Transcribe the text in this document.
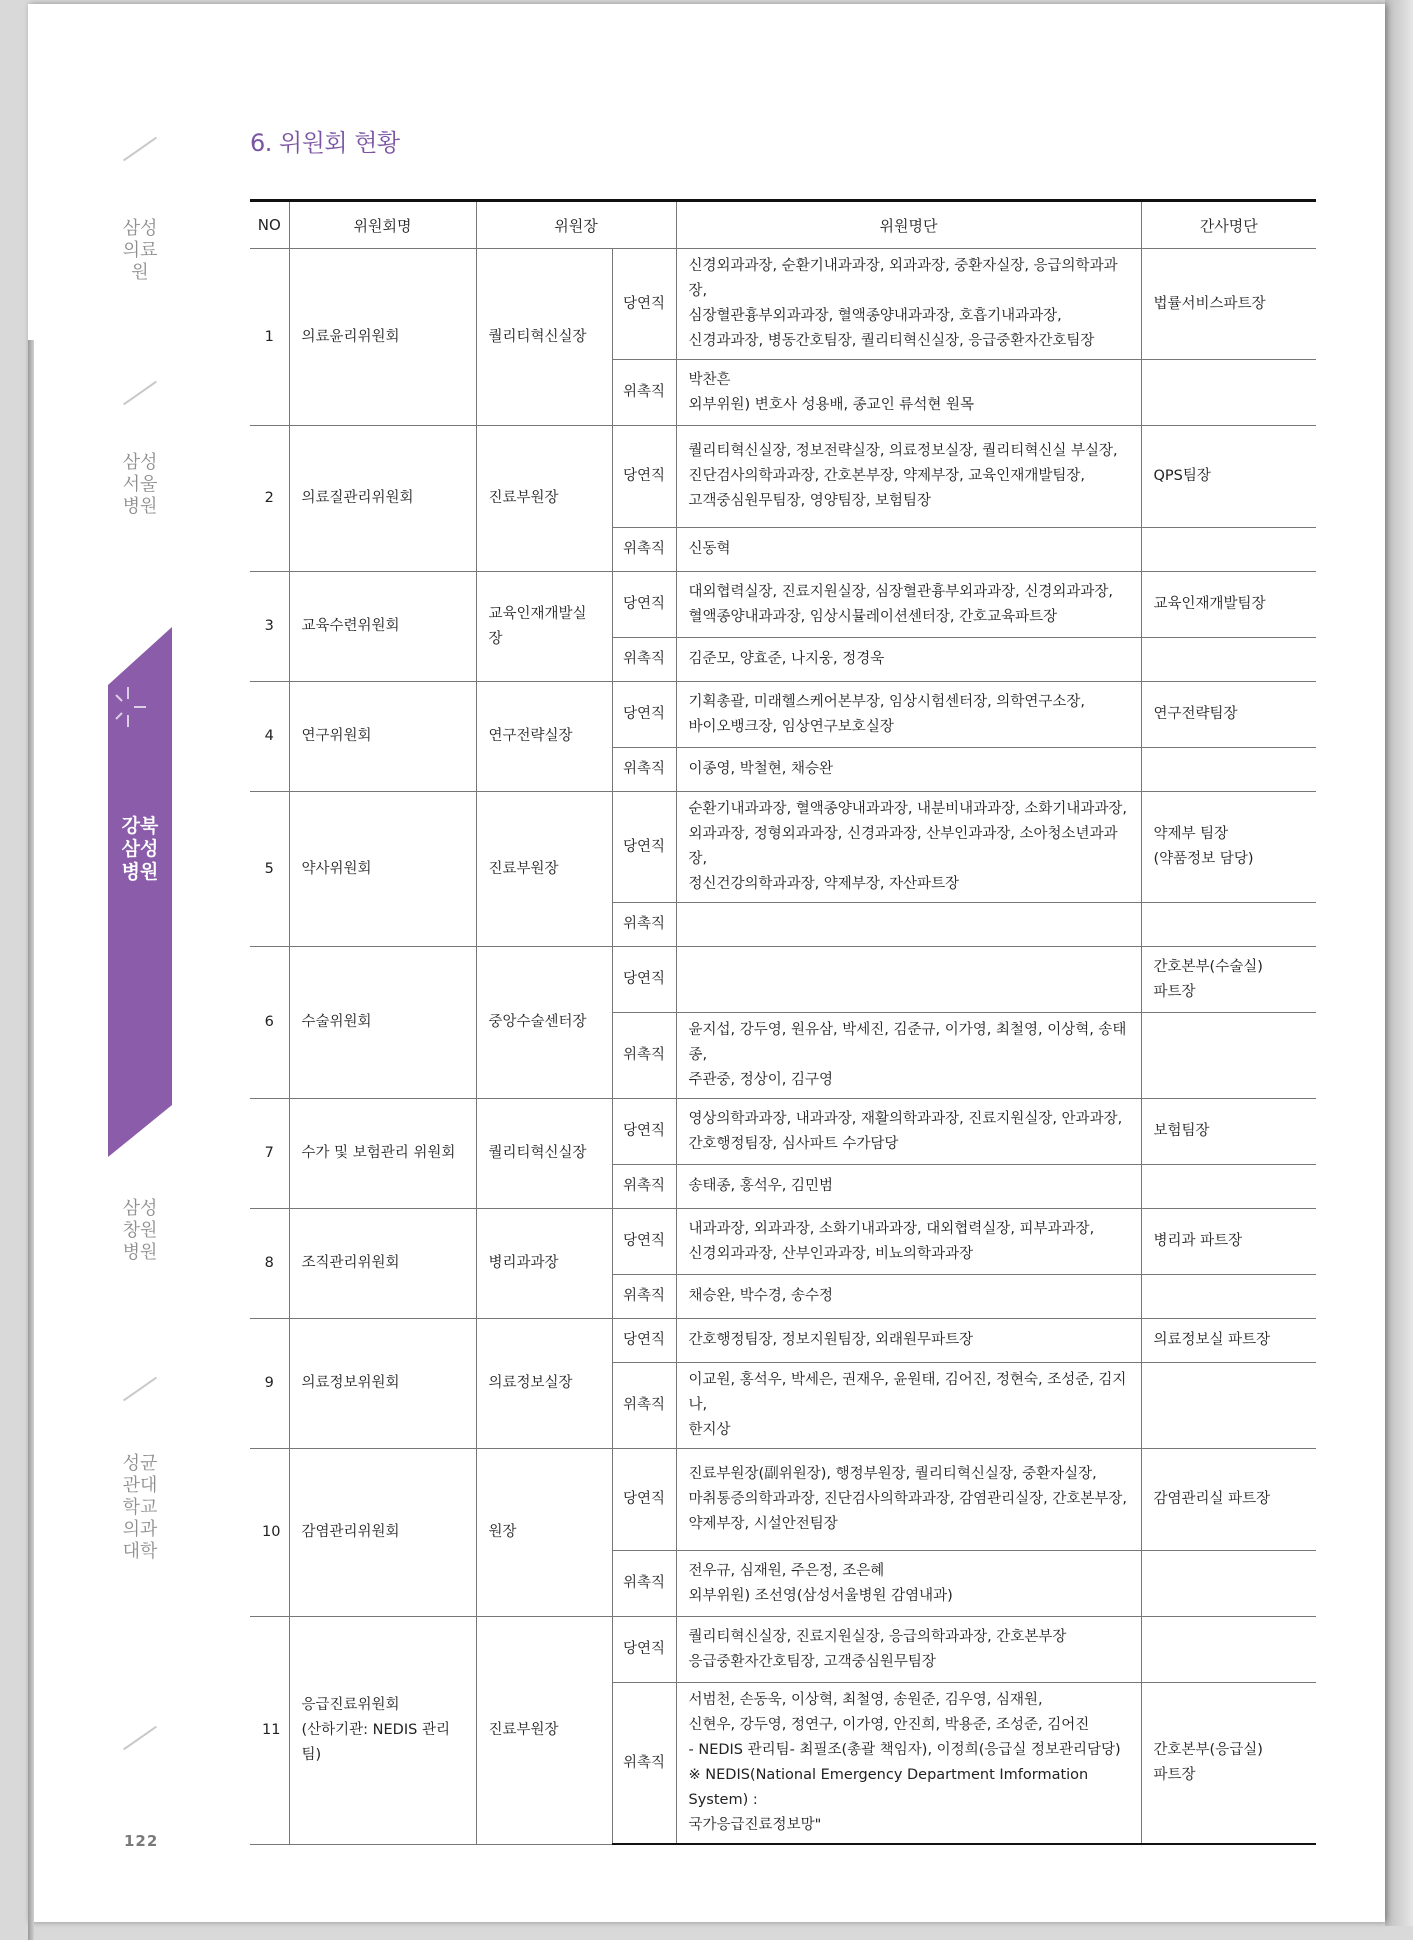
삼성의료원
삼성서울병원
강북삼성병원
삼성창원병원
성균관대학교 의과대학
122
6. 위원회 현황
NO	위원회명	위원장		위원명단	간사명단
1	의료윤리위원회	퀄리티혁신실장	당연직	신경외과과장, 순환기내과과장, 외과과장, 중환자실장, 응급의학과과장,
심장혈관흉부외과과장, 혈액종양내과과장, 호흡기내과과장,
신경과과장, 병동간호팀장, 퀄리티혁신실장, 응급중환자간호팀장	법률서비스파트장
			위촉직	박찬흔
외부위원) 변호사 성용배, 종교인 류석현 원목	
2	의료질관리위원회	진료부원장	당연직	퀄리티혁신실장, 정보전략실장, 의료정보실장, 퀄리티혁신실 부실장,
진단검사의학과과장, 간호본부장, 약제부장, 교육인재개발팀장,
고객중심원무팀장, 영양팀장, 보험팀장	QPS팀장
			위촉직	신동혁	
3	교육수련위원회	교육인재개발실장	당연직	대외협력실장, 진료지원실장, 심장혈관흉부외과과장, 신경외과과장,
혈액종양내과과장, 임상시뮬레이션센터장, 간호교육파트장	교육인재개발팀장
			위촉직	김준모, 양효준, 나지웅, 정경욱	
4	연구위원회	연구전략실장	당연직	기획총괄, 미래헬스케어본부장, 임상시험센터장, 의학연구소장,
바이오뱅크장, 임상연구보호실장	연구전략팀장
			위촉직	이종영, 박철현, 채승완	
5	약사위원회	진료부원장	당연직	순환기내과과장, 혈액종양내과과장, 내분비내과과장, 소화기내과과장,
외과과장, 정형외과과장, 신경과과장, 산부인과과장, 소아청소년과과장,
정신건강의학과과장, 약제부장, 자산파트장	약제부 팀장
(약품정보 담당)
			위촉직		
6	수술위원회	중앙수술센터장	당연직		간호본부(수술실)
파트장
			위촉직	윤지섭, 강두영, 원유삼, 박세진, 김준규, 이가영, 최철영, 이상혁, 송태종,
주관중, 정상이, 김구영	
7	수가 및 보험관리 위원회	퀄리티혁신실장	당연직	영상의학과과장, 내과과장, 재활의학과과장, 진료지원실장, 안과과장,
간호행정팀장, 심사파트 수가담당	보험팀장
			위촉직	송태종, 홍석우, 김민범	
8	조직관리위원회	병리과과장	당연직	내과과장, 외과과장, 소화기내과과장, 대외협력실장, 피부과과장,
신경외과과장, 산부인과과장, 비뇨의학과과장	병리과 파트장
			위촉직	채승완, 박수경, 송수정	
9	의료정보위원회	의료정보실장	당연직	간호행정팀장, 정보지원팀장, 외래원무파트장	의료정보실 파트장
			위촉직	이교원, 홍석우, 박세은, 권재우, 윤원태, 김어진, 정현숙, 조성준, 김지나,
한지상	
10	감염관리위원회	원장	당연직	진료부원장(副위원장), 행정부원장, 퀄리티혁신실장, 중환자실장,
마취통증의학과과장, 진단검사의학과과장, 감염관리실장, 간호본부장,
약제부장, 시설안전팀장	감염관리실 파트장
			위촉직	전우규, 심재원, 주은정, 조은혜
외부위원) 조선영(삼성서울병원 감염내과)	
11	응급진료위원회
(산하기관: NEDIS 관리팀)	진료부원장	당연직	퀄리티혁신실장, 진료지원실장, 응급의학과과장, 간호본부장
응급중환자간호팀장, 고객중심원무팀장	
			위촉직	서범천, 손동욱, 이상혁, 최철영, 송원준, 김우영, 심재원,
신현우, 강두영, 정연구, 이가영, 안진희, 박용준, 조성준, 김어진
- NEDIS 관리팀- 최필조(총괄 책임자), 이정희(응급실 정보관리담당)
※ NEDIS(National Emergency Department Imformation System) :
국가응급진료정보망"	간호본부(응급실)
파트장
